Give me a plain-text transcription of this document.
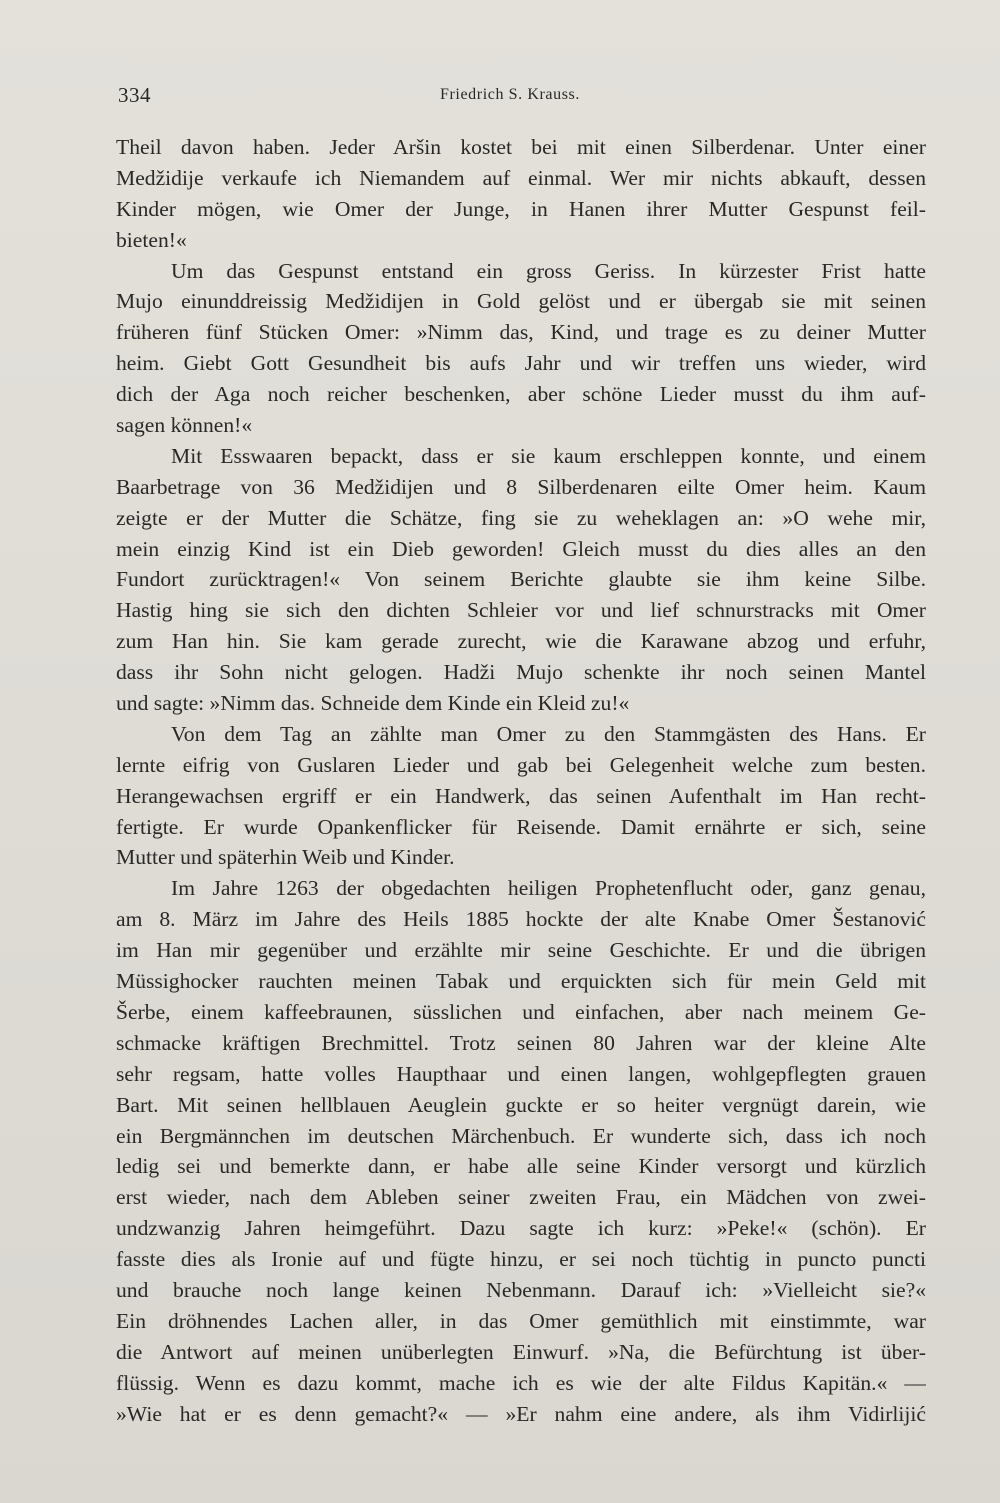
334	Friedrich S. Krauss.
Theil davon haben. Jeder Aršin kostet bei mit einen Silberdenar. Unter einer
Medžidije verkaufe ich Niemandem auf einmal. Wer mir nichts abkauft, dessen
Kinder mögen, wie Omer der Junge, in Hanen ihrer Mutter Gespunst feil-
bieten!«
Um das Gespunst entstand ein gross Geriss. In kürzester Frist hatte
Mujo einunddreissig Medžidijen in Gold gelöst und er übergab sie mit seinen
früheren fünf Stücken Omer: »Nimm das, Kind, und trage es zu deiner Mutter
heim. Giebt Gott Gesundheit bis aufs Jahr und wir treffen uns wieder, wird
dich der Aga noch reicher beschenken, aber schöne Lieder musst du ihm auf-
sagen können!«
Mit Esswaaren bepackt, dass er sie kaum erschleppen konnte, und einem
Baarbetrage von 36 Medžidijen und 8 Silberdenaren eilte Omer heim. Kaum
zeigte er der Mutter die Schätze, fing sie zu weheklagen an: »O wehe mir,
mein einzig Kind ist ein Dieb geworden! Gleich musst du dies alles an den
Fundort zurücktragen!« Von seinem Berichte glaubte sie ihm keine Silbe.
Hastig hing sie sich den dichten Schleier vor und lief schnurstracks mit Omer
zum Han hin. Sie kam gerade zurecht, wie die Karawane abzog und erfuhr,
dass ihr Sohn nicht gelogen. Hadži Mujo schenkte ihr noch seinen Mantel
und sagte: »Nimm das. Schneide dem Kinde ein Kleid zu!«
Von dem Tag an zählte man Omer zu den Stammgästen des Hans. Er
lernte eifrig von Guslaren Lieder und gab bei Gelegenheit welche zum besten.
Herangewachsen ergriff er ein Handwerk, das seinen Aufenthalt im Han recht-
fertigte. Er wurde Opankenflicker für Reisende. Damit ernährte er sich, seine
Mutter und späterhin Weib und Kinder.
Im Jahre 1263 der obgedachten heiligen Prophetenflucht oder, ganz genau,
am 8. März im Jahre des Heils 1885 hockte der alte Knabe Omer Šestanović
im Han mir gegenüber und erzählte mir seine Geschichte. Er und die übrigen
Müssighocker rauchten meinen Tabak und erquickten sich für mein Geld mit
Šerbe, einem kaffeebraunen, süsslichen und einfachen, aber nach meinem Ge-
schmacke kräftigen Brechmittel. Trotz seinen 80 Jahren war der kleine Alte
sehr regsam, hatte volles Haupthaar und einen langen, wohlgepflegten grauen
Bart. Mit seinen hellblauen Aeuglein guckte er so heiter vergnügt darein, wie
ein Bergmännchen im deutschen Märchenbuch. Er wunderte sich, dass ich noch
ledig sei und bemerkte dann, er habe alle seine Kinder versorgt und kürzlich
erst wieder, nach dem Ableben seiner zweiten Frau, ein Mädchen von zwei-
undzwanzig Jahren heimgeführt. Dazu sagte ich kurz: »Peke!« (schön). Er
fasste dies als Ironie auf und fügte hinzu, er sei noch tüchtig in puncto puncti
und brauche noch lange keinen Nebenmann. Darauf ich: »Vielleicht sie?«
Ein dröhnendes Lachen aller, in das Omer gemüthlich mit einstimmte, war
die Antwort auf meinen unüberlegten Einwurf. »Na, die Befürchtung ist über-
flüssig. Wenn es dazu kommt, mache ich es wie der alte Fildus Kapitän.« —
»Wie hat er es denn gemacht?« — »Er nahm eine andere, als ihm Vidirlijić
